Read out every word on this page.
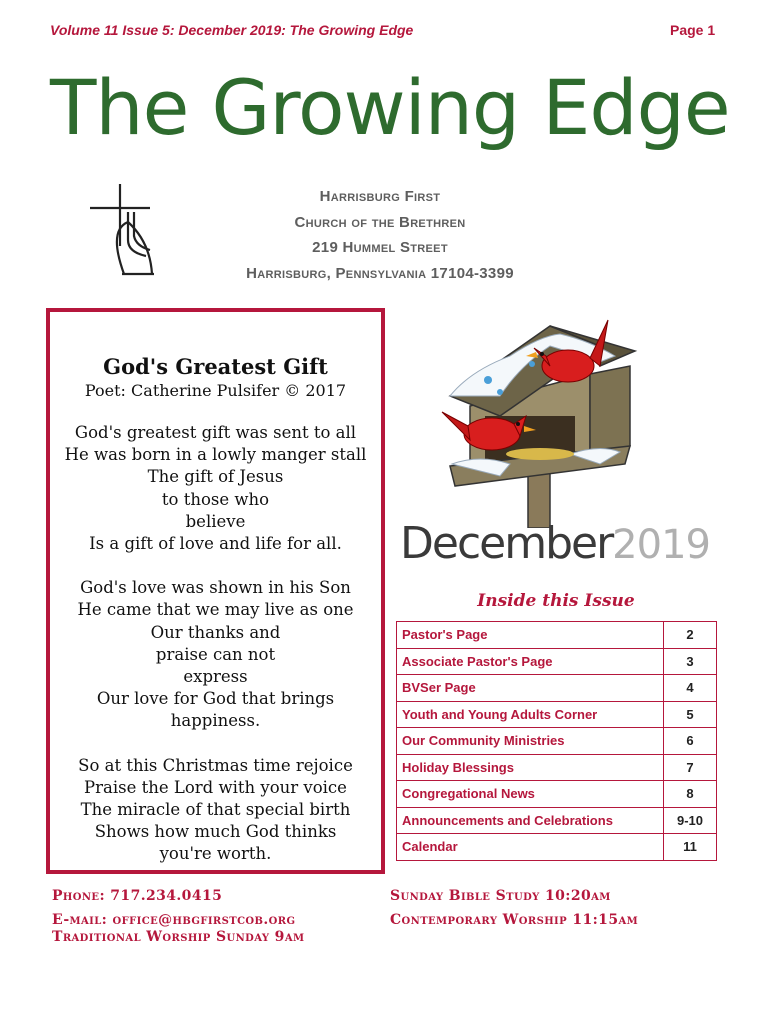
Volume 11 Issue 5: December 2019: The Growing Edge	Page 1
The Growing Edge
Harrisburg First
Church of the Brethren
219 Hummel Street
Harrisburg, Pennsylvania 17104-3399
God's Greatest Gift
Poet: Catherine Pulsifer © 2017
God's greatest gift was sent to all
He was born in a lowly manger stall
The gift of Jesus to those who believe
Is a gift of love and life for all.
God's love was shown in his Son
He came that we may live as one
Our thanks and praise can not express
Our love for God that brings happiness.
So at this Christmas time rejoice
Praise the Lord with your voice
The miracle of that special birth
Shows how much God thinks you're worth.
December2019
Inside this Issue
Pastor's Page	2
Associate Pastor's Page	3
BVSer Page	4
Youth and Young Adults Corner	5
Our Community Ministries	6
Holiday Blessings	7
Congregational News	8
Announcements and Celebrations	9-10
Calendar	11
Phone: 717.234.0415
E-mail: office@hbgfirstcob.org
Traditional Worship Sunday 9am
Sunday Bible Study 10:20am
Contemporary Worship 11:15am
